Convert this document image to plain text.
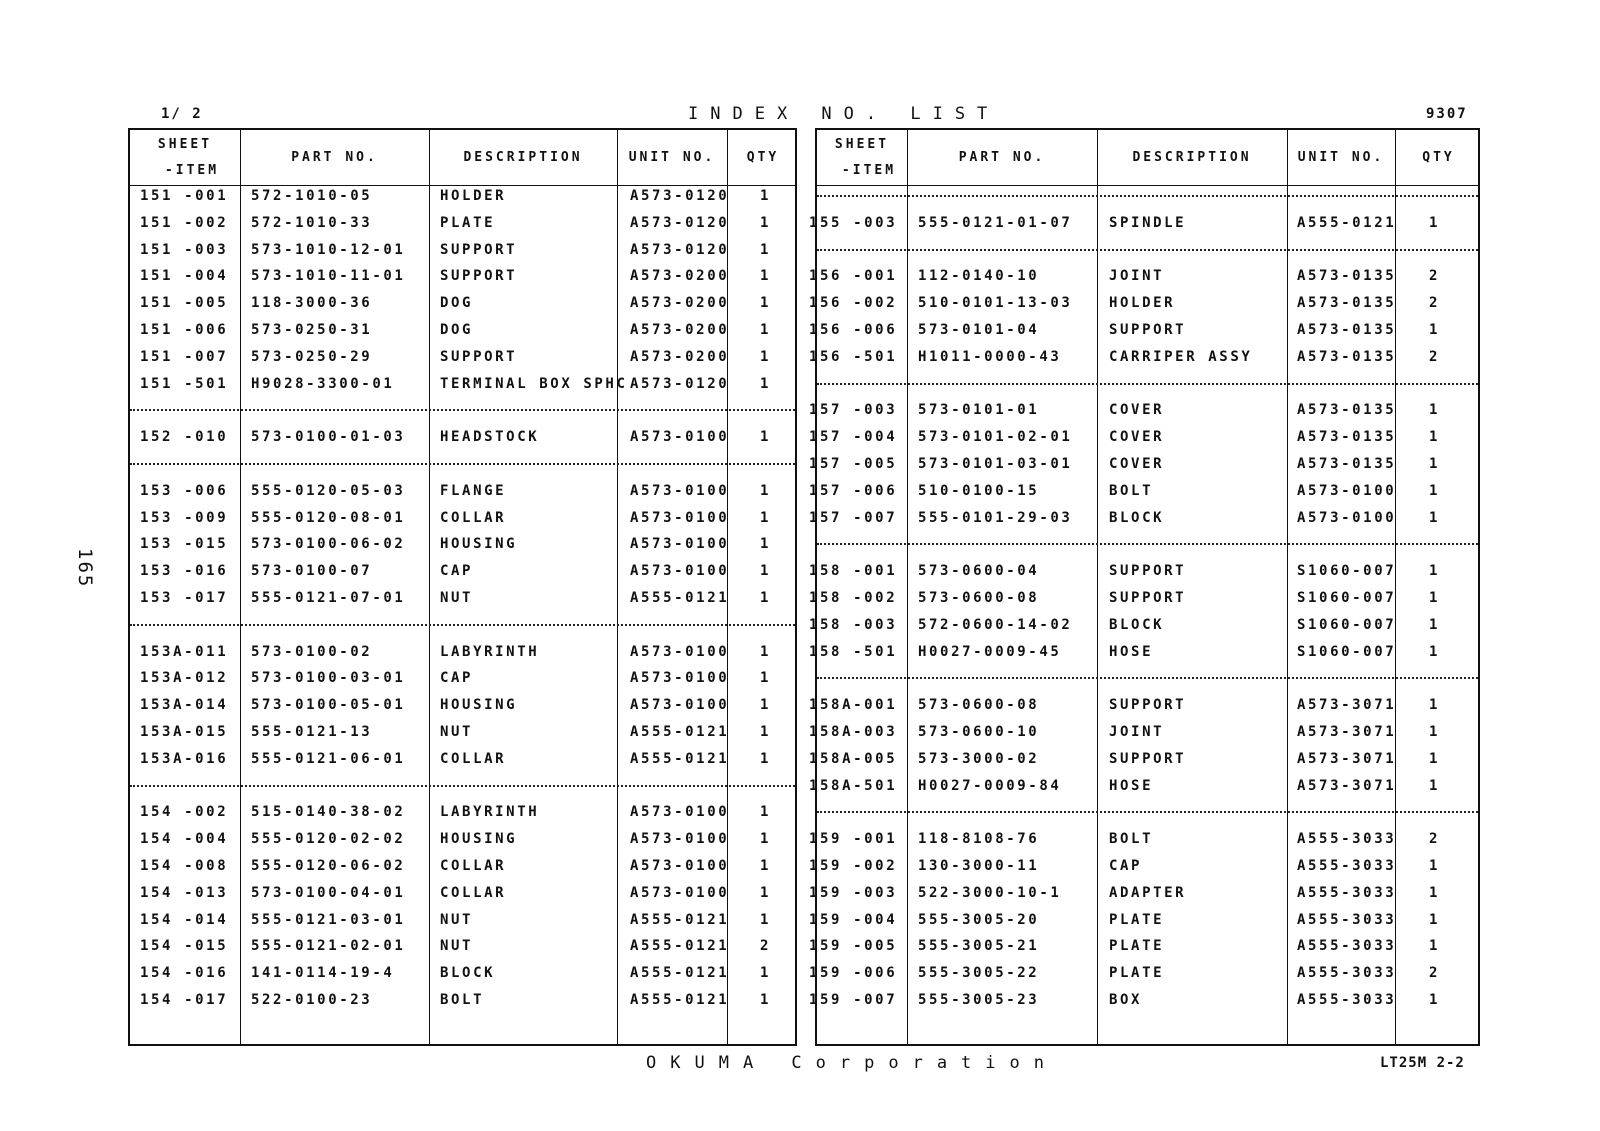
1/ 2	INDEX NO. LIST	9307
165
SHEET
-ITEM
PART NO.	DESCRIPTION	UNIT NO.	QTY
151 -001 572-1010-05	HOLDER	A573-0120 1
151 -002 572-1010-33	PLATE	A573-0120 1
151 -003 573-1010-12-01 SUPPORT	A573-0120 1
151 -004 573-1010-11-01 SUPPORT	A573-0200 1
151 -005 118-3000-36	DOG	A573-0200 1
151 -006 573-0250-31	DOG	A573-0200 1
151 -007 573-0250-29	SUPPORT	A573-0200 1
151 -501 H9028-3300-01	TERMINAL BOX SPHC A573-0120 1
152 -010 573-0100-01-03 HEADSTOCK	A573-0100 1
153 -006 555-0120-05-03 FLANGE	A573-0100 1
153 -009 555-0120-08-01 COLLAR	A573-0100 1
153 -015 573-0100-06-02 HOUSING	A573-0100 1
153 -016 573-0100-07	CAP	A573-0100 1
153 -017 555-0121-07-01 NUT	A555-0121 1
153A-011 573-0100-02	LABYRINTH	A573-0100 1
153A-012 573-0100-03-01 CAP	A573-0100 1
153A-014 573-0100-05-01 HOUSING	A573-0100 1
153A-015 555-0121-13	NUT	A555-0121 1
153A-016 555-0121-06-01 COLLAR	A555-0121 1
154 -002 515-0140-38-02 LABYRINTH	A573-0100 1
154 -004 555-0120-02-02 HOUSING	A573-0100 1
154 -008 555-0120-06-02 COLLAR	A573-0100 1
154 -013 573-0100-04-01 COLLAR	A573-0100 1
154 -014 555-0121-03-01 NUT	A555-0121 1
154 -015 555-0121-02-01 NUT	A555-0121 2
154 -016 141-0114-19-4	BLOCK	A555-0121 1
154 -017 522-0100-23	BOLT	A555-0121 1
SHEET
-ITEM
PART NO.	DESCRIPTION	UNIT NO.	QTY
155 -003 555-0121-01-07	SPINDLE	A555-0121 1
156 -001 112-0140-10	JOINT	A573-0135 2
156 -002 510-0101-13-03	HOLDER	A573-0135 2
156 -006 573-0101-04	SUPPORT	A573-0135 1
156 -501 H1011-0000-43	CARRIPER ASSY	A573-0135 2
157 -003 573-0101-01	COVER	A573-0135 1
157 -004 573-0101-02-01	COVER	A573-0135 1
157 -005 573-0101-03-01	COVER	A573-0135 1
157 -006 510-0100-15	BOLT	A573-0100 1
157 -007 555-0101-29-03	BLOCK	A573-0100 1
158 -001 573-0600-04	SUPPORT	S1060-007 1
158 -002 573-0600-08	SUPPORT	S1060-007 1
158 -003 572-0600-14-02	BLOCK	S1060-007 1
158 -501 H0027-0009-45	HOSE	S1060-007 1
158A-001 573-0600-08	SUPPORT	A573-3071 1
158A-003 573-0600-10	JOINT	A573-3071 1
158A-005 573-3000-02	SUPPORT	A573-3071 1
158A-501 H0027-0009-84	HOSE	A573-3071 1
159 -001 118-8108-76	BOLT	A555-3033 2
159 -002 130-3000-11	CAP	A555-3033 1
159 -003 522-3000-10-1	ADAPTER	A555-3033 1
159 -004 555-3005-20	PLATE	A555-3033 1
159 -005 555-3005-21	PLATE	A555-3033 1
159 -006 555-3005-22	PLATE	A555-3033 2
159 -007 555-3005-23	BOX	A555-3033 1
OKUMA Corporation	LT25M 2-2
